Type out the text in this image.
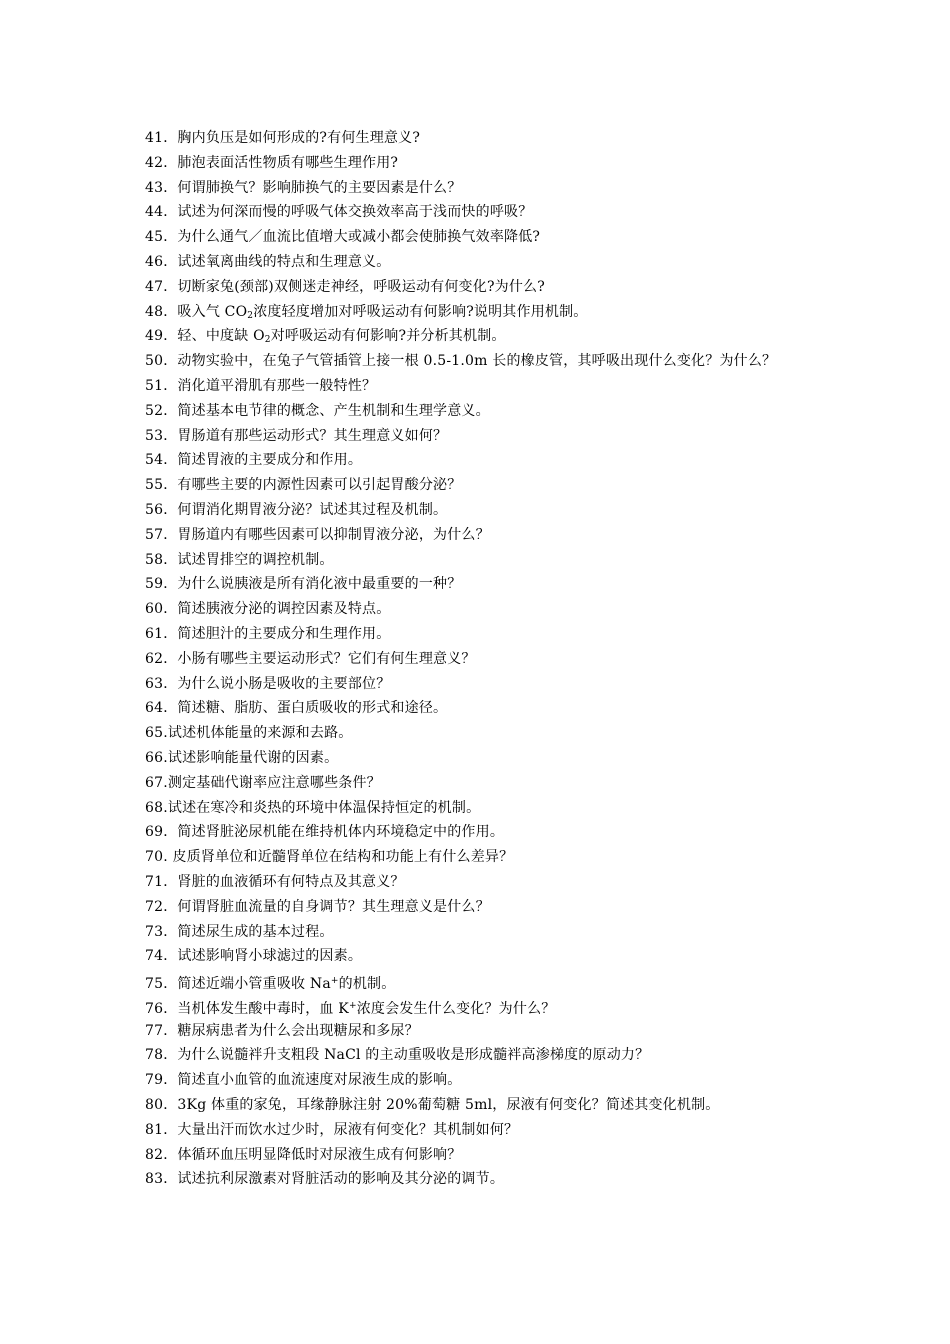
41．胸内负压是如何形成的?有何生理意义?
42．肺泡表面活性物质有哪些生理作用?
43．何谓肺换气？影响肺换气的主要因素是什么？
44．试述为何深而慢的呼吸气体交换效率高于浅而快的呼吸？
45．为什么通气／血流比值增大或减小都会使肺换气效率降低?
46．试述氧离曲线的特点和生理意义。
47．切断家兔(颈部)双侧迷走神经，呼吸运动有何变化?为什么?
48．吸入气 $CO_2$浓度轻度增加对呼吸运动有何影响?说明其作用机制。
49．轻、中度缺 $O_2$对呼吸运动有何影响?并分析其机制。
50．动物实验中，在兔子气管插管上接一根 0.5-1.0m 长的橡皮管，其呼吸出现什么变化？为什么？
51．消化道平滑肌有那些一般特性？
52．简述基本电节律的概念、产生机制和生理学意义。
53．胃肠道有那些运动形式？其生理意义如何？
54．简述胃液的主要成分和作用。
55．有哪些主要的内源性因素可以引起胃酸分泌？
56．何谓消化期胃液分泌？试述其过程及机制。
57．胃肠道内有哪些因素可以抑制胃液分泌，为什么？
58．试述胃排空的调控机制。
59．为什么说胰液是所有消化液中最重要的一种？
60．简述胰液分泌的调控因素及特点。
61．简述胆汁的主要成分和生理作用。
62．小肠有哪些主要运动形式？它们有何生理意义？
63．为什么说小肠是吸收的主要部位？
64．简述糖、脂肪、蛋白质吸收的形式和途径。
65.试述机体能量的来源和去路。
66.试述影响能量代谢的因素。
67.测定基础代谢率应注意哪些条件？
68.试述在寒冷和炎热的环境中体温保持恒定的机制。
69．简述肾脏泌尿机能在维持机体内环境稳定中的作用。
70. 皮质肾单位和近髓肾单位在结构和功能上有什么差异？
71．肾脏的血液循环有何特点及其意义？
72．何谓肾脏血流量的自身调节？其生理意义是什么？
73．简述尿生成的基本过程。
74．试述影响肾小球滤过的因素。
75．简述近端小管重吸收 Na+的机制。
76．当机体发生酸中毒时，血 K+浓度会发生什么变化？为什么？
77．糖尿病患者为什么会出现糖尿和多尿？
78．为什么说髓袢升支粗段 NaCl 的主动重吸收是形成髓袢高渗梯度的原动力？
79．简述直小血管的血流速度对尿液生成的影响。
80．3Kg 体重的家兔，耳缘静脉注射 20%葡萄糖 5ml，尿液有何变化？简述其变化机制。
81．大量出汗而饮水过少时，尿液有何变化？其机制如何？
82．体循环血压明显降低时对尿液生成有何影响？
83．试述抗利尿激素对肾脏活动的影响及其分泌的调节。
